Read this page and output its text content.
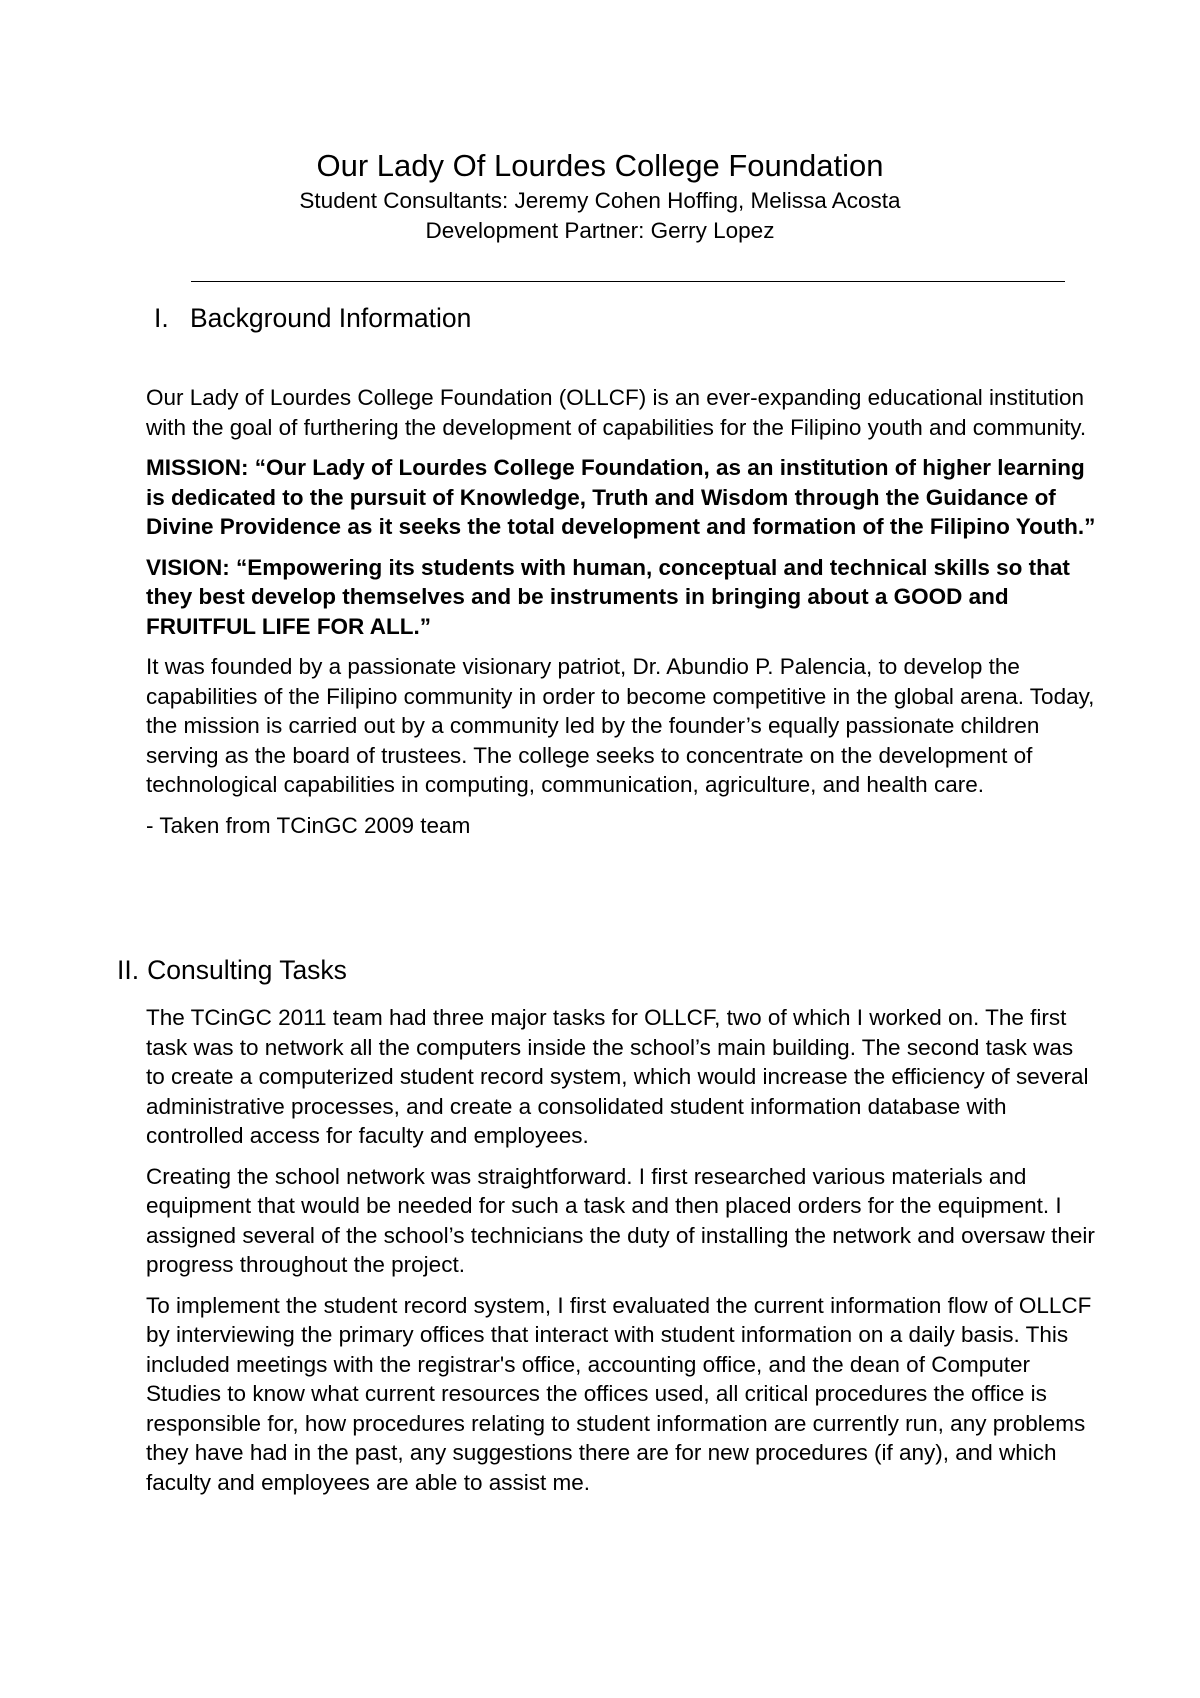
Our Lady Of Lourdes College Foundation

Student Consultants: Jeremy Cohen Hoffing, Melissa Acosta

Development Partner: Gerry Lopez

I. Background Information

Our Lady of Lourdes College Foundation (OLLCF) is an ever-expanding educational institution with the goal of furthering the development of capabilities for the Filipino youth and community.

MISSION: “Our Lady of Lourdes College Foundation, as an institution of higher learning is dedicated to the pursuit of Knowledge, Truth and Wisdom through the Guidance of Divine Providence as it seeks the total development and formation of the Filipino Youth.”

VISION: “Empowering its students with human, conceptual and technical skills so that they best develop themselves and be instruments in bringing about a GOOD and FRUITFUL LIFE FOR ALL.”

It was founded by a passionate visionary patriot, Dr. Abundio P. Palencia, to develop the capabilities of the Filipino community in order to become competitive in the global arena. Today, the mission is carried out by a community led by the founder’s equally passionate children serving as the board of trustees. The college seeks to concentrate on the development of technological capabilities in computing, communication, agriculture, and health care.

- Taken from TCinGC 2009 team

II. Consulting Tasks

The TCinGC 2011 team had three major tasks for OLLCF, two of which I worked on. The first task was to network all the computers inside the school’s main building. The second task was to create a computerized student record system, which would increase the efficiency of several administrative processes, and create a consolidated student information database with controlled access for faculty and employees.

Creating the school network was straightforward. I first researched various materials and equipment that would be needed for such a task and then placed orders for the equipment. I assigned several of the school’s technicians the duty of installing the network and oversaw their progress throughout the project.

To implement the student record system, I first evaluated the current information flow of OLLCF by interviewing the primary offices that interact with student information on a daily basis. This included meetings with the registrar's office, accounting office, and the dean of Computer Studies to know what current resources the offices used, all critical procedures the office is responsible for, how procedures relating to student information are currently run, any problems they have had in the past, any suggestions there are for new procedures (if any), and which faculty and employees are able to assist me.
